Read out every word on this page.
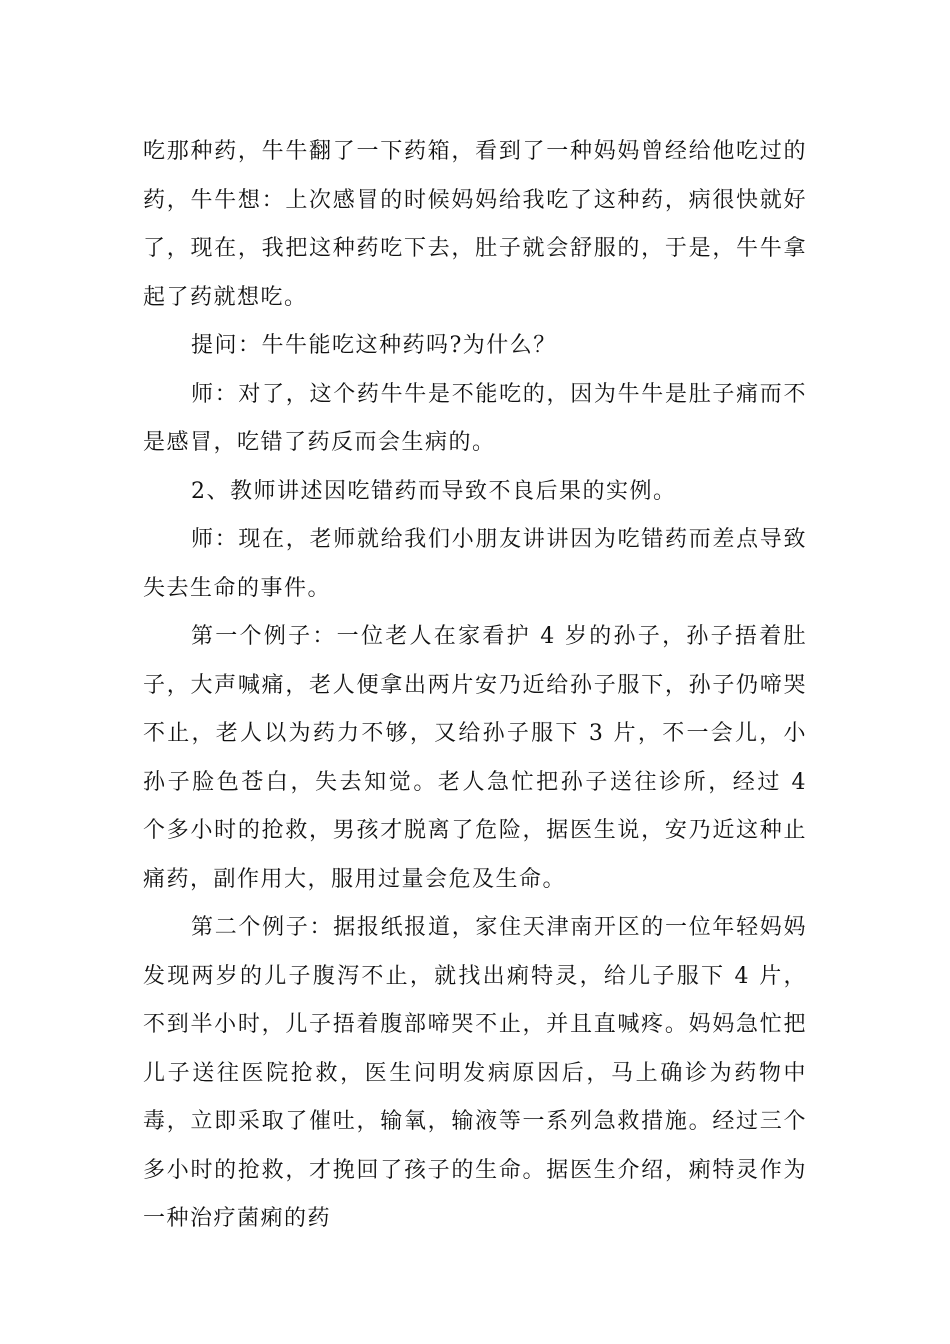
吃那种药，牛牛翻了一下药箱，看到了一种妈妈曾经给他吃过的药，牛牛想：上次感冒的时候妈妈给我吃了这种药，病很快就好了，现在，我把这种药吃下去，肚子就会舒服的，于是，牛牛拿起了药就想吃。

提问：牛牛能吃这种药吗?为什么？

师：对了，这个药牛牛是不能吃的，因为牛牛是肚子痛而不是感冒，吃错了药反而会生病的。

2、教师讲述因吃错药而导致不良后果的实例。

师：现在，老师就给我们小朋友讲讲因为吃错药而差点导致失去生命的事件。

第一个例子：一位老人在家看护 4 岁的孙子，孙子捂着肚子，大声喊痛，老人便拿出两片安乃近给孙子服下，孙子仍啼哭不止，老人以为药力不够，又给孙子服下 3 片，不一会儿，小孙子脸色苍白，失去知觉。老人急忙把孙子送往诊所，经过 4 个多小时的抢救，男孩才脱离了危险，据医生说，安乃近这种止痛药，副作用大，服用过量会危及生命。

第二个例子：据报纸报道，家住天津南开区的一位年轻妈妈发现两岁的儿子腹泻不止，就找出痢特灵，给儿子服下 4 片，不到半小时，儿子捂着腹部啼哭不止，并且直喊疼。妈妈急忙把儿子送往医院抢救，医生问明发病原因后，马上确诊为药物中毒，立即采取了催吐，输氧，输液等一系列急救措施。经过三个多小时的抢救，才挽回了孩子的生命。据医生介绍，痢特灵作为一种治疗菌痢的药
